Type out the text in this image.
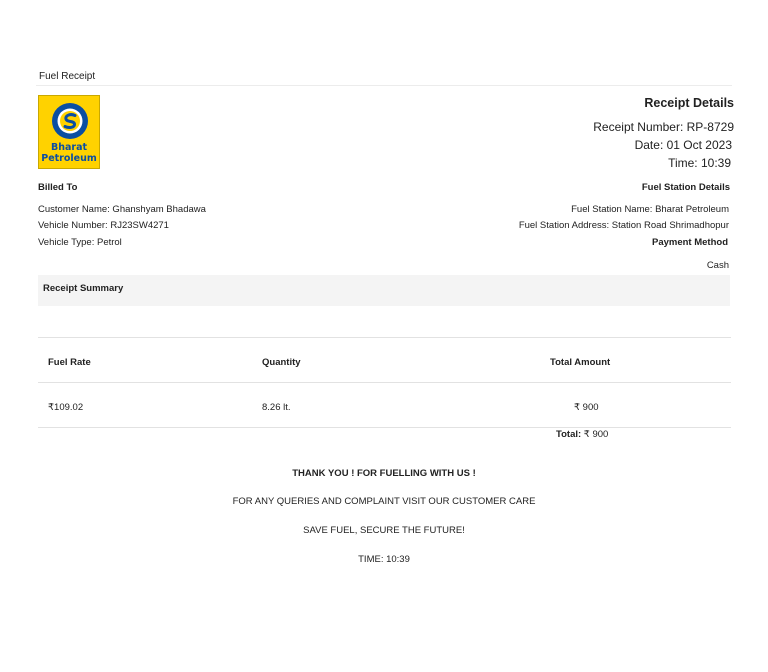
Fuel Receipt
Bharat
Petroleum
Receipt Details
Receipt Number: RP-8729
Date: 01 Oct 2023
Time: 10:39
Billed To
Customer Name: Ghanshyam Bhadawa
Vehicle Number: RJ23SW4271
Vehicle Type: Petrol
Fuel Station Details
Fuel Station Name: Bharat Petroleum
Fuel Station Address: Station Road Shrimadhopur
Payment Method
Cash
Receipt Summary
Fuel Rate	Quantity	Total Amount
₹109.02	8.26 lt.	₹ 900
Total: ₹ 900
THANK YOU ! FOR FUELLING WITH US !
FOR ANY QUERIES AND COMPLAINT VISIT OUR CUSTOMER CARE
SAVE FUEL, SECURE THE FUTURE!
TIME: 10:39
